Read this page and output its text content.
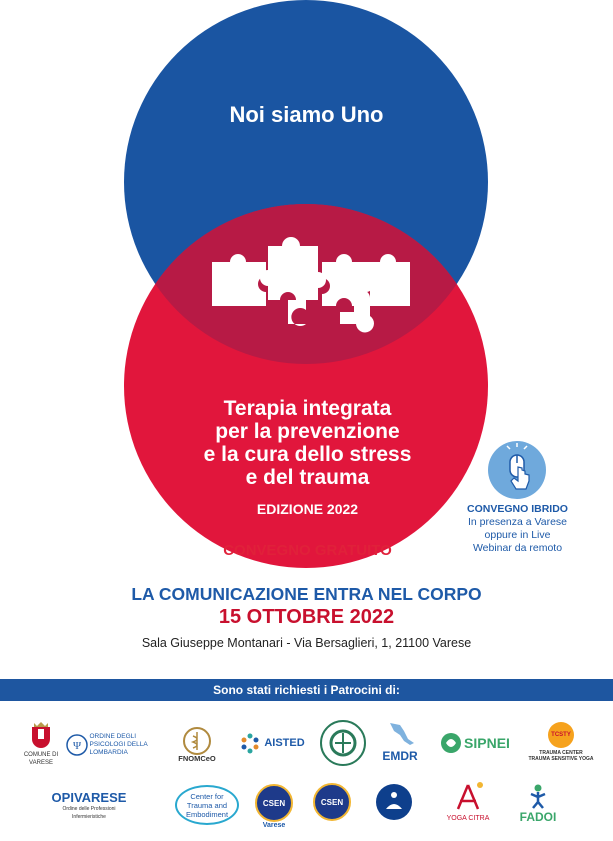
Noi siamo Uno
Terapia integrata
per la prevenzione
e la cura dello stress
e del trauma
EDIZIONE 2022
CONVEGNO GRATUITO
CONVEGNO IBRIDO
In presenza a Varese
oppure in Live
Webinar da remoto
LA COMUNICAZIONE ENTRA NEL CORPO
15 OTTOBRE 2022
Sala Giuseppe Montanari - Via Bersaglieri, 1, 21100 Varese
Sono stati richiesti i Patrocini di:
COMUNE DI VARESE
Ψ
ORDINE DEGLI PSICOLOGI DELLA LOMBARDIA
FNOMCeO
AISTED
EMDR
SIPNEI	TCSTY
TRAUMA CENTER TRAUMA SENSITIVE YOGA
OPIVARESE
Ordine delle Professioni Infermieristiche
Center for Trauma and Embodiment
CSEN
Varese
CSEN
YOGA CITRA	FADOI
